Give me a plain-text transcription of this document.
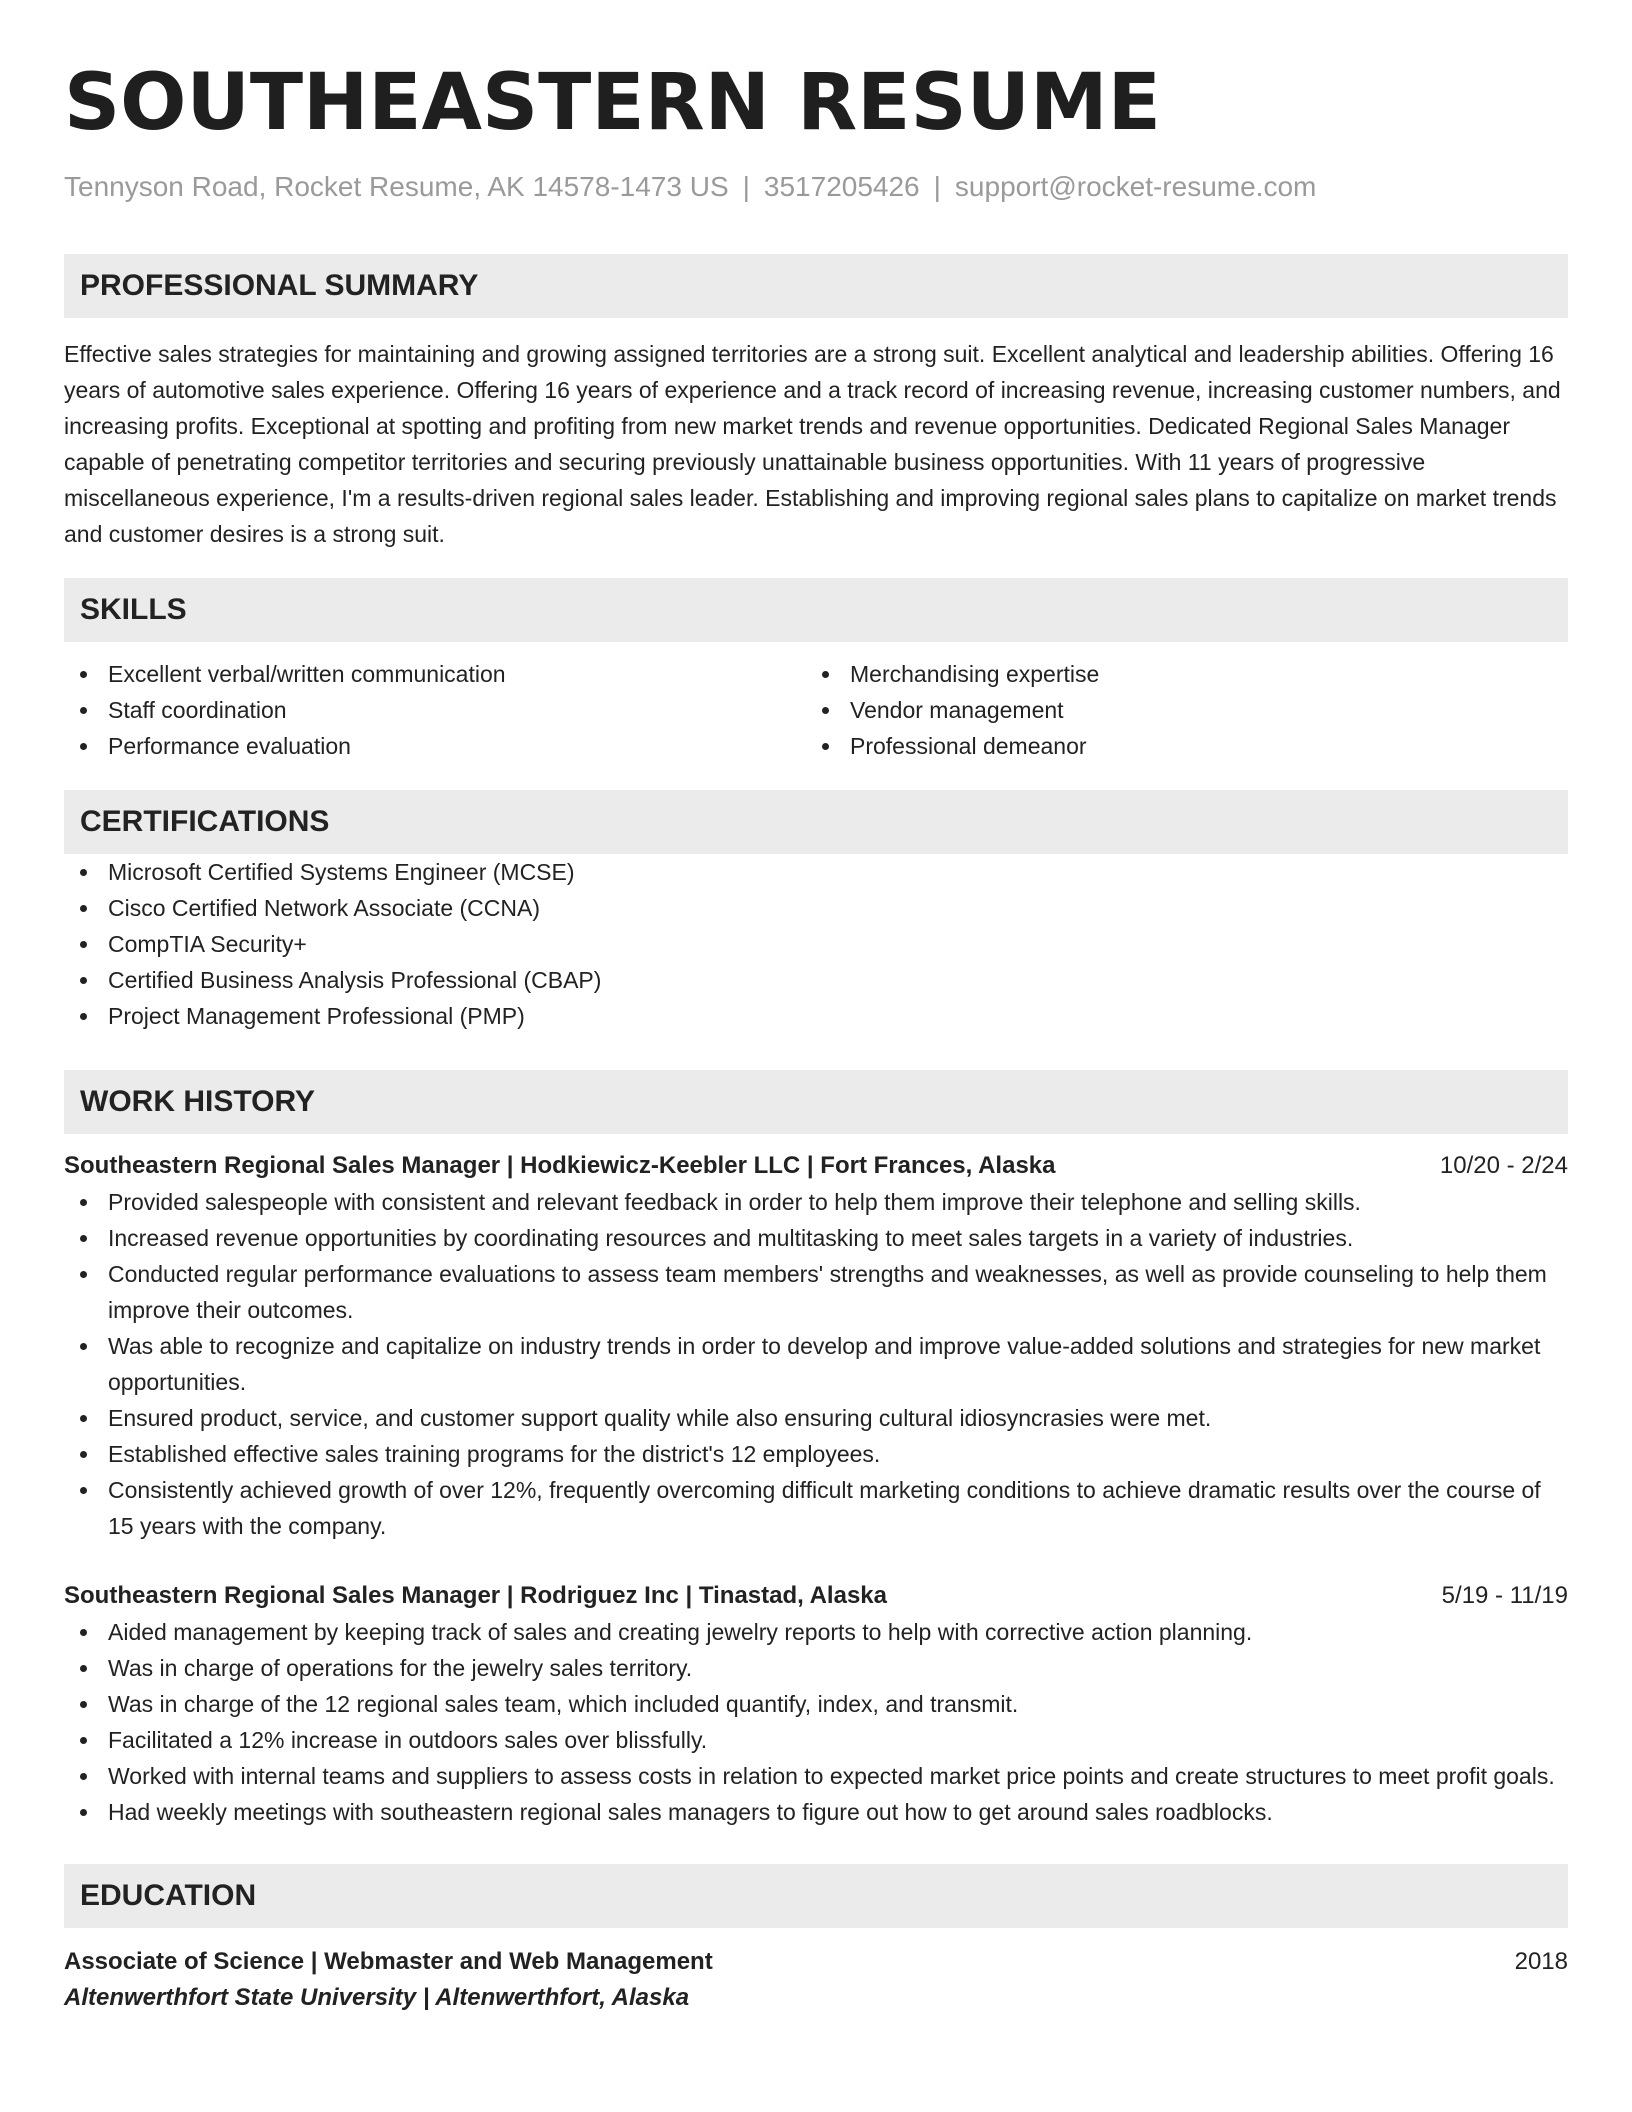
SOUTHEASTERN RESUME
Tennyson Road, Rocket Resume, AK 14578-1473 US | 3517205426 | support@rocket-resume.com
PROFESSIONAL SUMMARY

Effective sales strategies for maintaining and growing assigned territories are a strong suit. Excellent analytical and leadership abilities. Offering 16 years of automotive sales experience. Offering 16 years of experience and a track record of increasing revenue, increasing customer numbers, and increasing profits. Exceptional at spotting and profiting from new market trends and revenue opportunities. Dedicated Regional Sales Manager capable of penetrating competitor territories and securing previously unattainable business opportunities. With 11 years of progressive miscellaneous experience, I'm a results-driven regional sales leader. Establishing and improving regional sales plans to capitalize on market trends and customer desires is a strong suit.

SKILLS
Excellent verbal/written communication
Staff coordination
Performance evaluation
Merchandising expertise
Vendor management
Professional demeanor
CERTIFICATIONS
Microsoft Certified Systems Engineer (MCSE)
Cisco Certified Network Associate (CCNA)
CompTIA Security+
Certified Business Analysis Professional (CBAP)
Project Management Professional (PMP)
WORK HISTORY
Southeastern Regional Sales Manager | Hodkiewicz-Keebler LLC | Fort Frances, Alaska	10/20 - 2/24
Provided salespeople with consistent and relevant feedback in order to help them improve their telephone and selling skills.
Increased revenue opportunities by coordinating resources and multitasking to meet sales targets in a variety of industries.
Conducted regular performance evaluations to assess team members' strengths and weaknesses, as well as provide counseling to help them improve their outcomes.
Was able to recognize and capitalize on industry trends in order to develop and improve value-added solutions and strategies for new market opportunities.
Ensured product, service, and customer support quality while also ensuring cultural idiosyncrasies were met.
Established effective sales training programs for the district's 12 employees.
Consistently achieved growth of over 12%, frequently overcoming difficult marketing conditions to achieve dramatic results over the course of 15 years with the company.
Southeastern Regional Sales Manager | Rodriguez Inc | Tinastad, Alaska	5/19 - 11/19
Aided management by keeping track of sales and creating jewelry reports to help with corrective action planning.
Was in charge of operations for the jewelry sales territory.
Was in charge of the 12 regional sales team, which included quantify, index, and transmit.
Facilitated a 12% increase in outdoors sales over blissfully.
Worked with internal teams and suppliers to assess costs in relation to expected market price points and create structures to meet profit goals.
Had weekly meetings with southeastern regional sales managers to figure out how to get around sales roadblocks.
EDUCATION
Associate of Science | Webmaster and Web Management	2018
Altenwerthfort State University | Altenwerthfort, Alaska
